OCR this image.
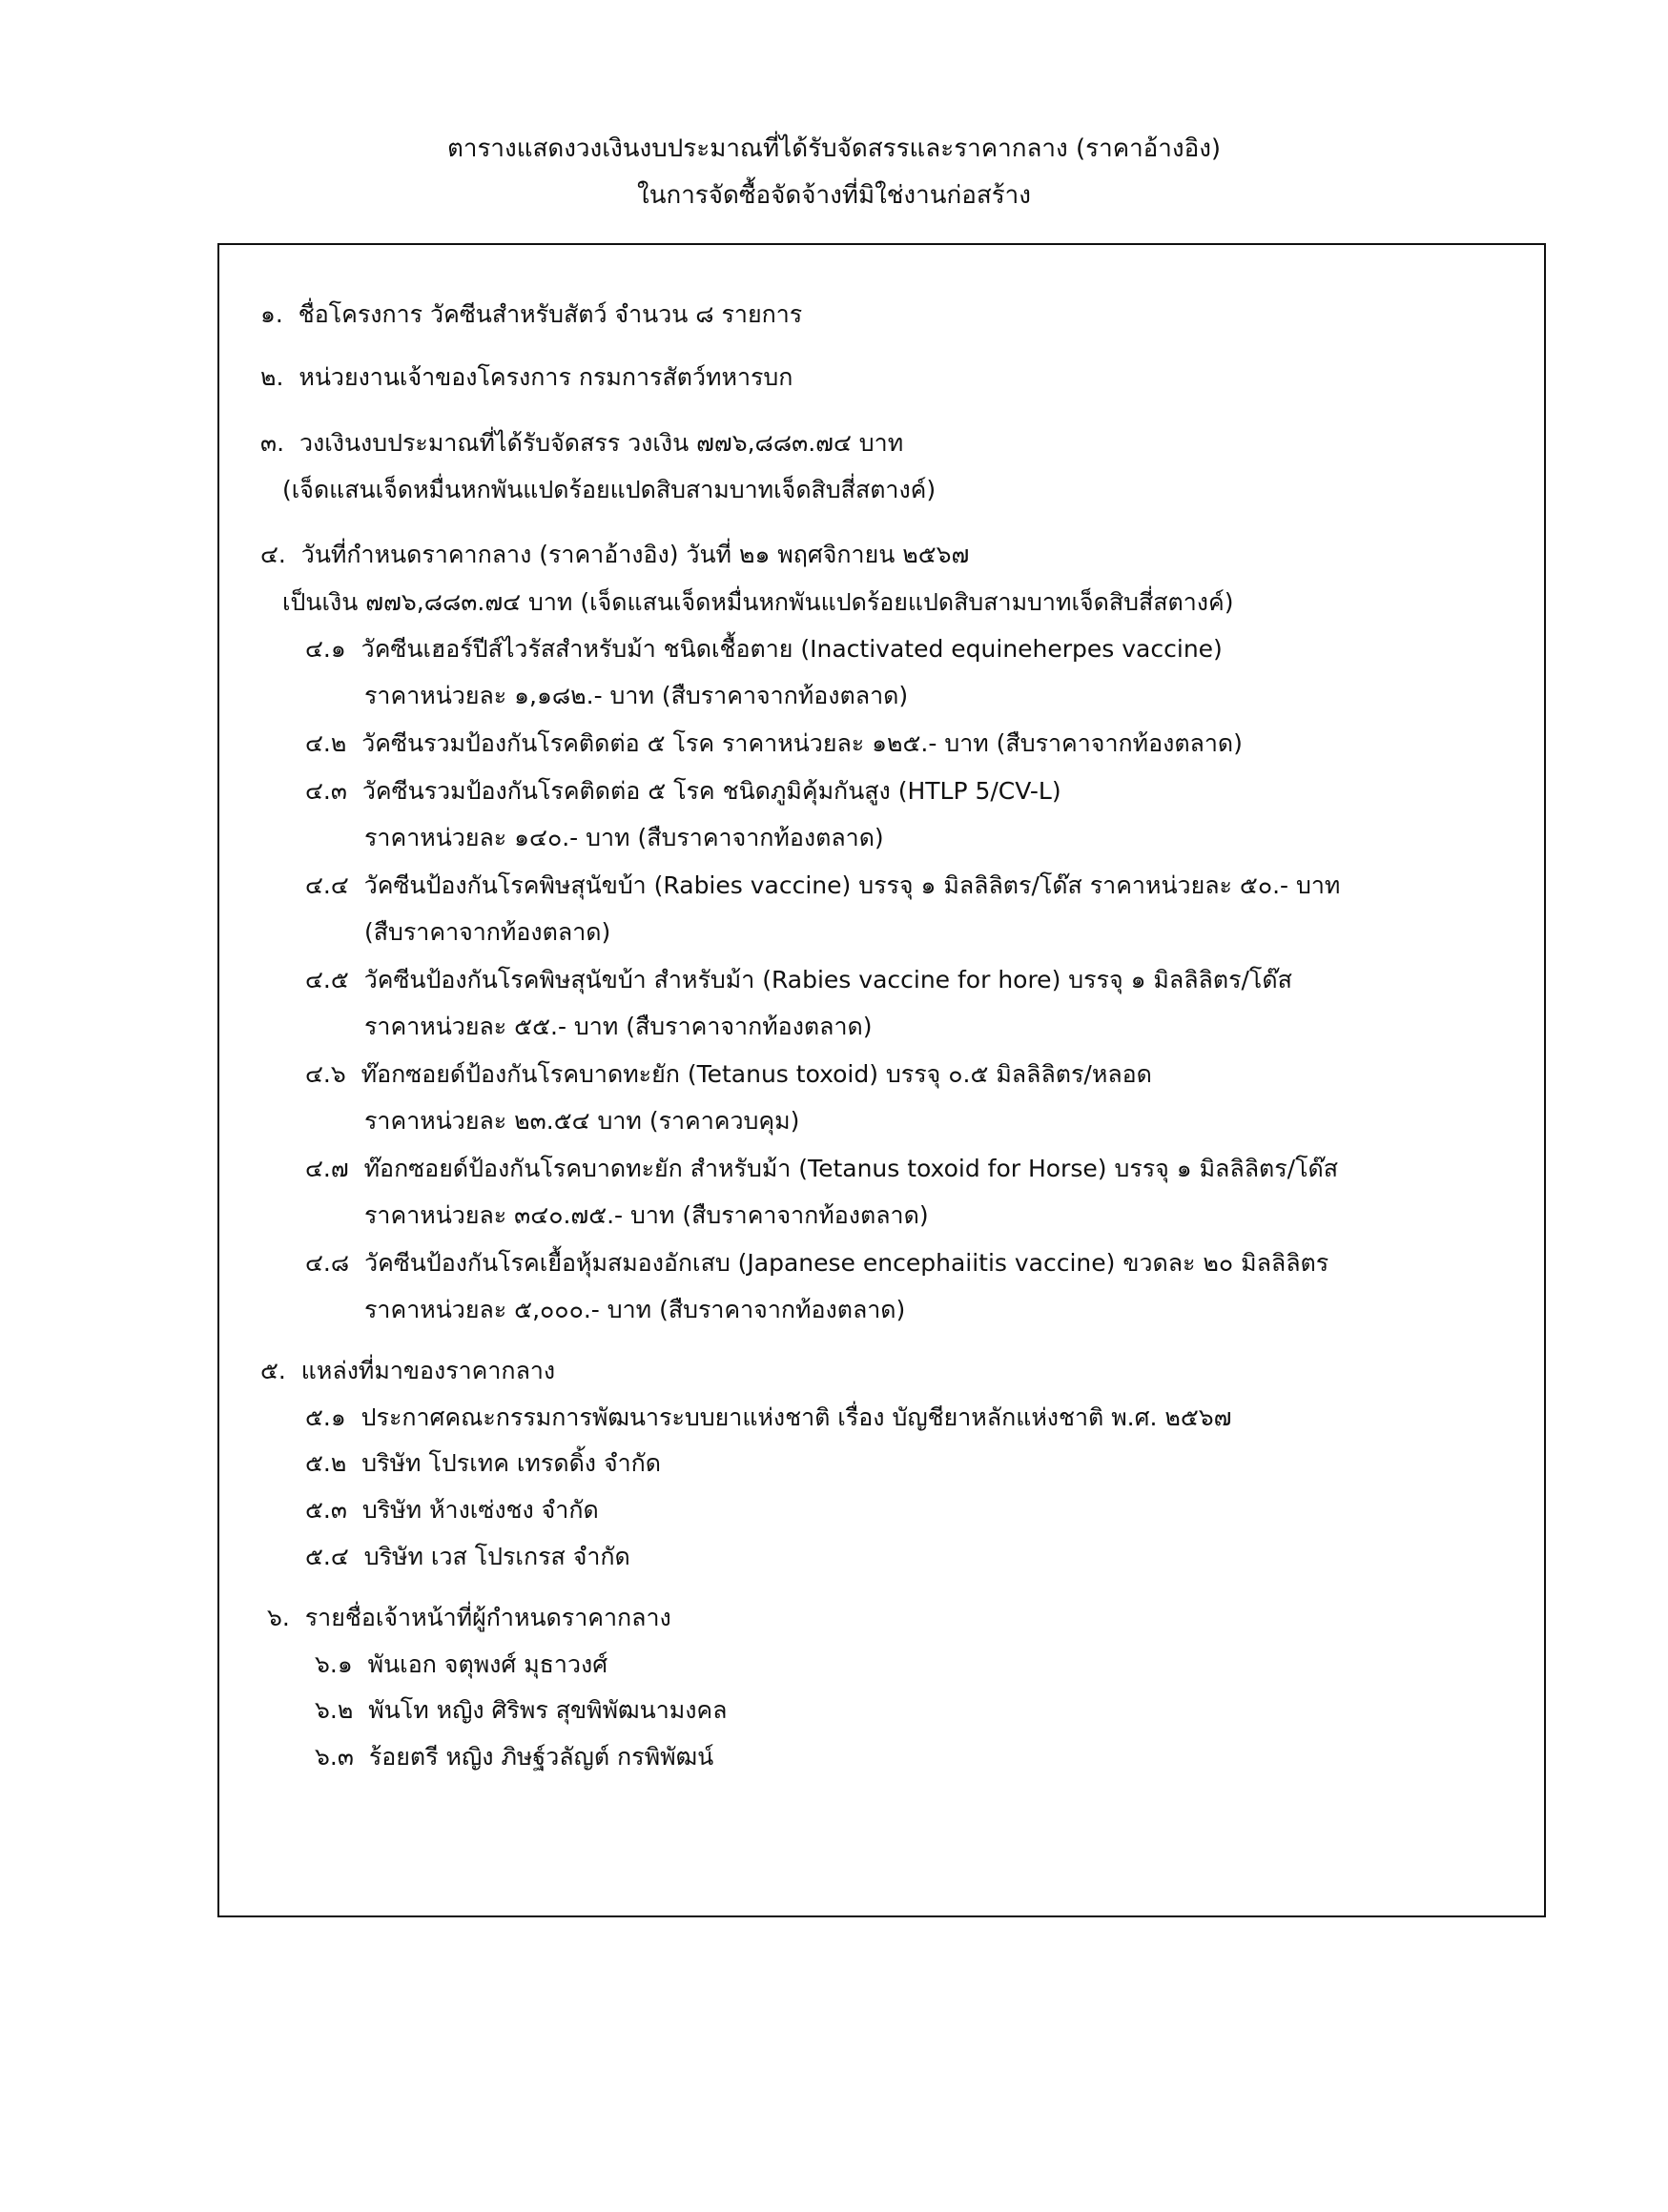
ตารางแสดงวงเงินงบประมาณที่ได้รับจัดสรรและราคากลาง (ราคาอ้างอิง)
ในการจัดซื้อจัดจ้างที่มิใช่งานก่อสร้าง
๑. ชื่อโครงการ วัคซีนสำหรับสัตว์ จำนวน ๘ รายการ
๒. หน่วยงานเจ้าของโครงการ กรมการสัตว์ทหารบก
๓. วงเงินงบประมาณที่ได้รับจัดสรร วงเงิน ๗๗๖,๘๘๓.๗๔ บาท
(เจ็ดแสนเจ็ดหมื่นหกพันแปดร้อยแปดสิบสามบาทเจ็ดสิบสี่สตางค์)
๔. วันที่กำหนดราคากลาง (ราคาอ้างอิง) วันที่ ๒๑ พฤศจิกายน ๒๕๖๗
เป็นเงิน ๗๗๖,๘๘๓.๗๔ บาท (เจ็ดแสนเจ็ดหมื่นหกพันแปดร้อยแปดสิบสามบาทเจ็ดสิบสี่สตางค์)
๔.๑ วัคซีนเฮอร์ปีส์ไวรัสสำหรับม้า ชนิดเชื้อตาย (Inactivated equineherpes vaccine)
ราคาหน่วยละ ๑,๑๘๒.- บาท (สืบราคาจากท้องตลาด)
๔.๒ วัคซีนรวมป้องกันโรคติดต่อ ๕ โรค ราคาหน่วยละ ๑๒๕.- บาท (สืบราคาจากท้องตลาด)
๔.๓ วัคซีนรวมป้องกันโรคติดต่อ ๕ โรค ชนิดภูมิคุ้มกันสูง (HTLP 5/CV-L)
ราคาหน่วยละ ๑๔๐.- บาท (สืบราคาจากท้องตลาด)
๔.๔ วัคซีนป้องกันโรคพิษสุนัขบ้า (Rabies vaccine) บรรจุ ๑ มิลลิลิตร/โด๊ส ราคาหน่วยละ ๕๐.- บาท
(สืบราคาจากท้องตลาด)
๔.๕ วัคซีนป้องกันโรคพิษสุนัขบ้า สำหรับม้า (Rabies vaccine for hore) บรรจุ ๑ มิลลิลิตร/โด๊ส
ราคาหน่วยละ ๕๕.- บาท (สืบราคาจากท้องตลาด)
๔.๖ ท๊อกซอยด์ป้องกันโรคบาดทะยัก (Tetanus toxoid) บรรจุ ๐.๕ มิลลิลิตร/หลอด
ราคาหน่วยละ ๒๓.๕๔ บาท (ราคาควบคุม)
๔.๗ ท๊อกซอยด์ป้องกันโรคบาดทะยัก สำหรับม้า (Tetanus toxoid for Horse) บรรจุ ๑ มิลลิลิตร/โด๊ส
ราคาหน่วยละ ๓๔๐.๗๕.- บาท (สืบราคาจากท้องตลาด)
๔.๘ วัคซีนป้องกันโรคเยื้อหุ้มสมองอักเสบ (Japanese encephaiitis vaccine) ขวดละ ๒๐ มิลลิลิตร
ราคาหน่วยละ ๕,๐๐๐.- บาท (สืบราคาจากท้องตลาด)
๕. แหล่งที่มาของราคากลาง
๕.๑ ประกาศคณะกรรมการพัฒนาระบบยาแห่งชาติ เรื่อง บัญชียาหลักแห่งชาติ พ.ศ. ๒๕๖๗
๕.๒ บริษัท โปรเทค เทรดดิ้ง จำกัด
๕.๓ บริษัท ห้างเซ่งชง จำกัด
๕.๔ บริษัท เวส โปรเกรส จำกัด
๖. รายชื่อเจ้าหน้าที่ผู้กำหนดราคากลาง
๖.๑ พันเอก จตุพงศ์ มุธาวงศ์
๖.๒ พันโท หญิง ศิริพร สุขพิพัฒนามงคล
๖.๓ ร้อยตรี หญิง ภิษฐ์วลัญต์ กรพิพัฒน์
